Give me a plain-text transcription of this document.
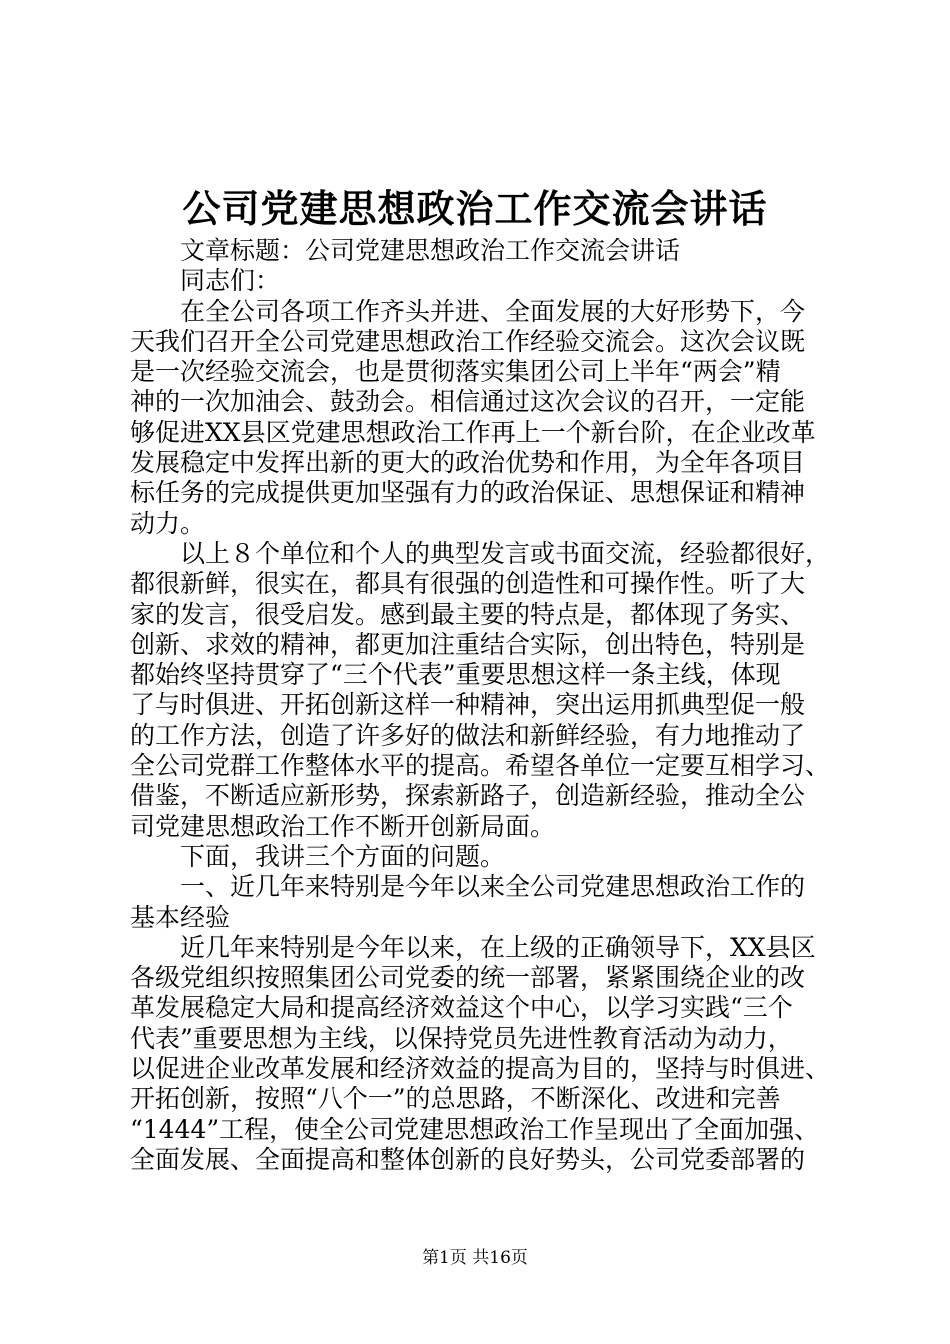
公司党建思想政治工作交流会讲话
文章标题：公司党建思想政治工作交流会讲话
同志们：
在全公司各项工作齐头并进、全面发展的大好形势下，今
天我们召开全公司党建思想政治工作经验交流会。这次会议既
是一次经验交流会，也是贯彻落实集团公司上半年“两会”精
神的一次加油会、鼓劲会。相信通过这次会议的召开，一定能
够促进XX县区党建思想政治工作再上一个新台阶，在企业改革
发展稳定中发挥出新的更大的政治优势和作用，为全年各项目
标任务的完成提供更加坚强有力的政治保证、思想保证和精神
动力。
以上８个单位和个人的典型发言或书面交流，经验都很好，
都很新鲜，很实在，都具有很强的创造性和可操作性。听了大
家的发言，很受启发。感到最主要的特点是，都体现了务实、
创新、求效的精神，都更加注重结合实际，创出特色，特别是
都始终坚持贯穿了“三个代表”重要思想这样一条主线，体现
了与时俱进、开拓创新这样一种精神，突出运用抓典型促一般
的工作方法，创造了许多好的做法和新鲜经验，有力地推动了
全公司党群工作整体水平的提高。希望各单位一定要互相学习、
借鉴，不断适应新形势，探索新路子，创造新经验，推动全公
司党建思想政治工作不断开创新局面。
下面，我讲三个方面的问题。
一、近几年来特别是今年以来全公司党建思想政治工作的
基本经验
近几年来特别是今年以来，在上级的正确领导下，XX县区
各级党组织按照集团公司党委的统一部署，紧紧围绕企业的改
革发展稳定大局和提高经济效益这个中心，以学习实践“三个
代表”重要思想为主线，以保持党员先进性教育活动为动力，
以促进企业改革发展和经济效益的提高为目的，坚持与时俱进、
开拓创新，按照“八个一”的总思路，不断深化、改进和完善
“1444”工程，使全公司党建思想政治工作呈现出了全面加强、
全面发展、全面提高和整体创新的良好势头，公司党委部署的
第1页 共16页
